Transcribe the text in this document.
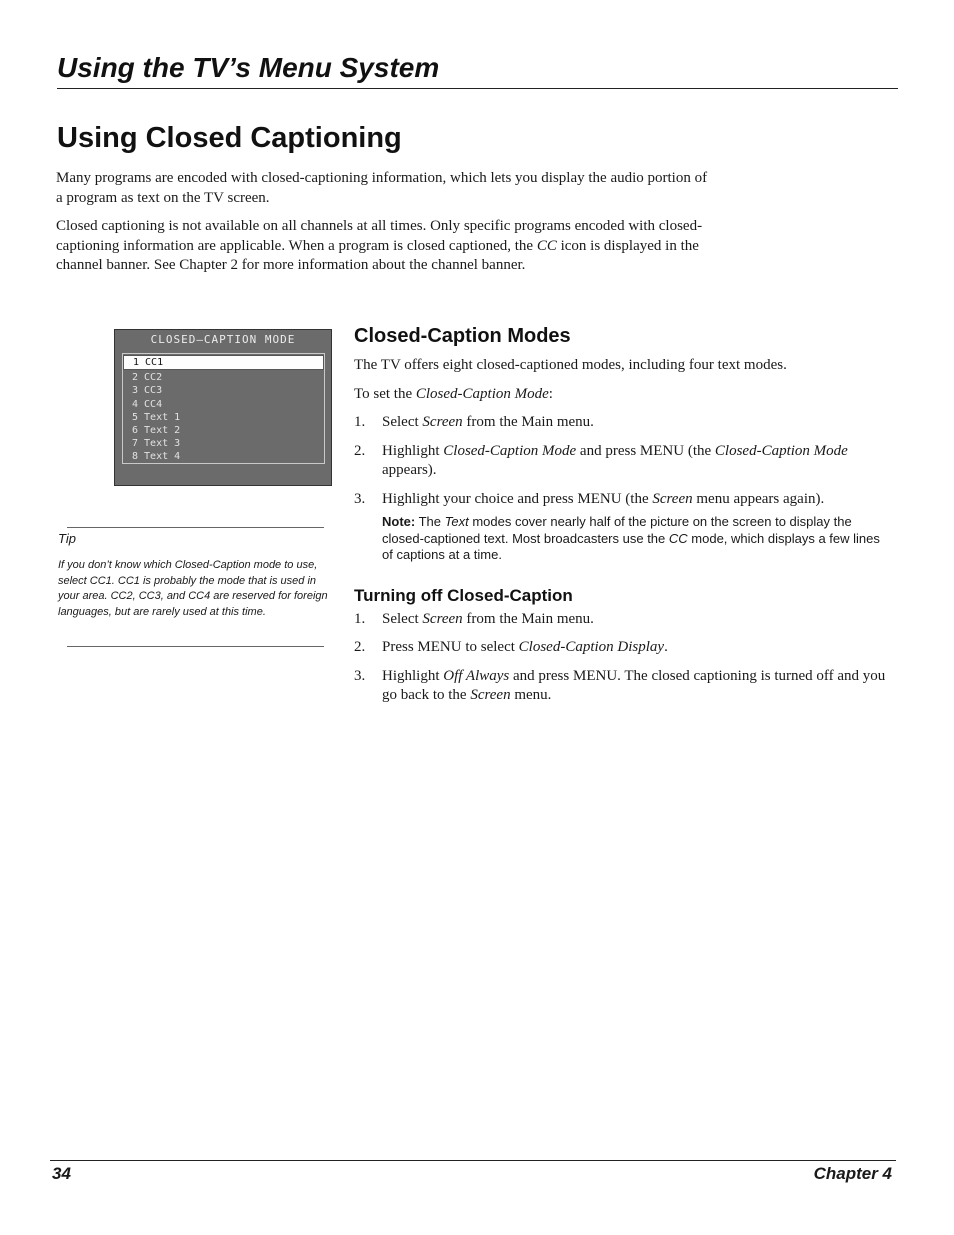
Using the TV’s Menu System
Using Closed Captioning

Many programs are encoded with closed-captioning information, which lets you display the audio portion of a program as text on the TV screen.

Closed captioning is not available on all channels at all times. Only specific programs encoded with closed-captioning information are applicable. When a program is closed captioned, the CC icon is displayed in the channel banner. See Chapter 2 for more information about the channel banner.

CLOSED–CAPTION MODE
1 CC1
2 CC2
3 CC3
4 CC4
5 Text 1
6 Text 2
7 Text 3
8 Text 4

Tip

If you don’t know which Closed-Caption mode to use, select CC1. CC1 is probably the mode that is used in your area. CC2, CC3, and CC4 are reserved for foreign languages, but are rarely used at this time.

Closed-Caption Modes

The TV offers eight closed-captioned modes, including four text modes.

To set the Closed-Caption Mode:

1. Select Screen from the Main menu.
2. Highlight Closed-Caption Mode and press MENU (the Closed-Caption Mode appears).
3. Highlight your choice and press MENU (the Screen menu appears again).

Note: The Text modes cover nearly half of the picture on the screen to display the closed-captioned text. Most broadcasters use the CC mode, which displays a few lines of captions at a time.

Turning off Closed-Caption
1. Select Screen from the Main menu.
2. Press MENU to select Closed-Caption Display.
3. Highlight Off Always and press MENU. The closed captioning is turned off and you go back to the Screen menu.
34	Chapter 4
